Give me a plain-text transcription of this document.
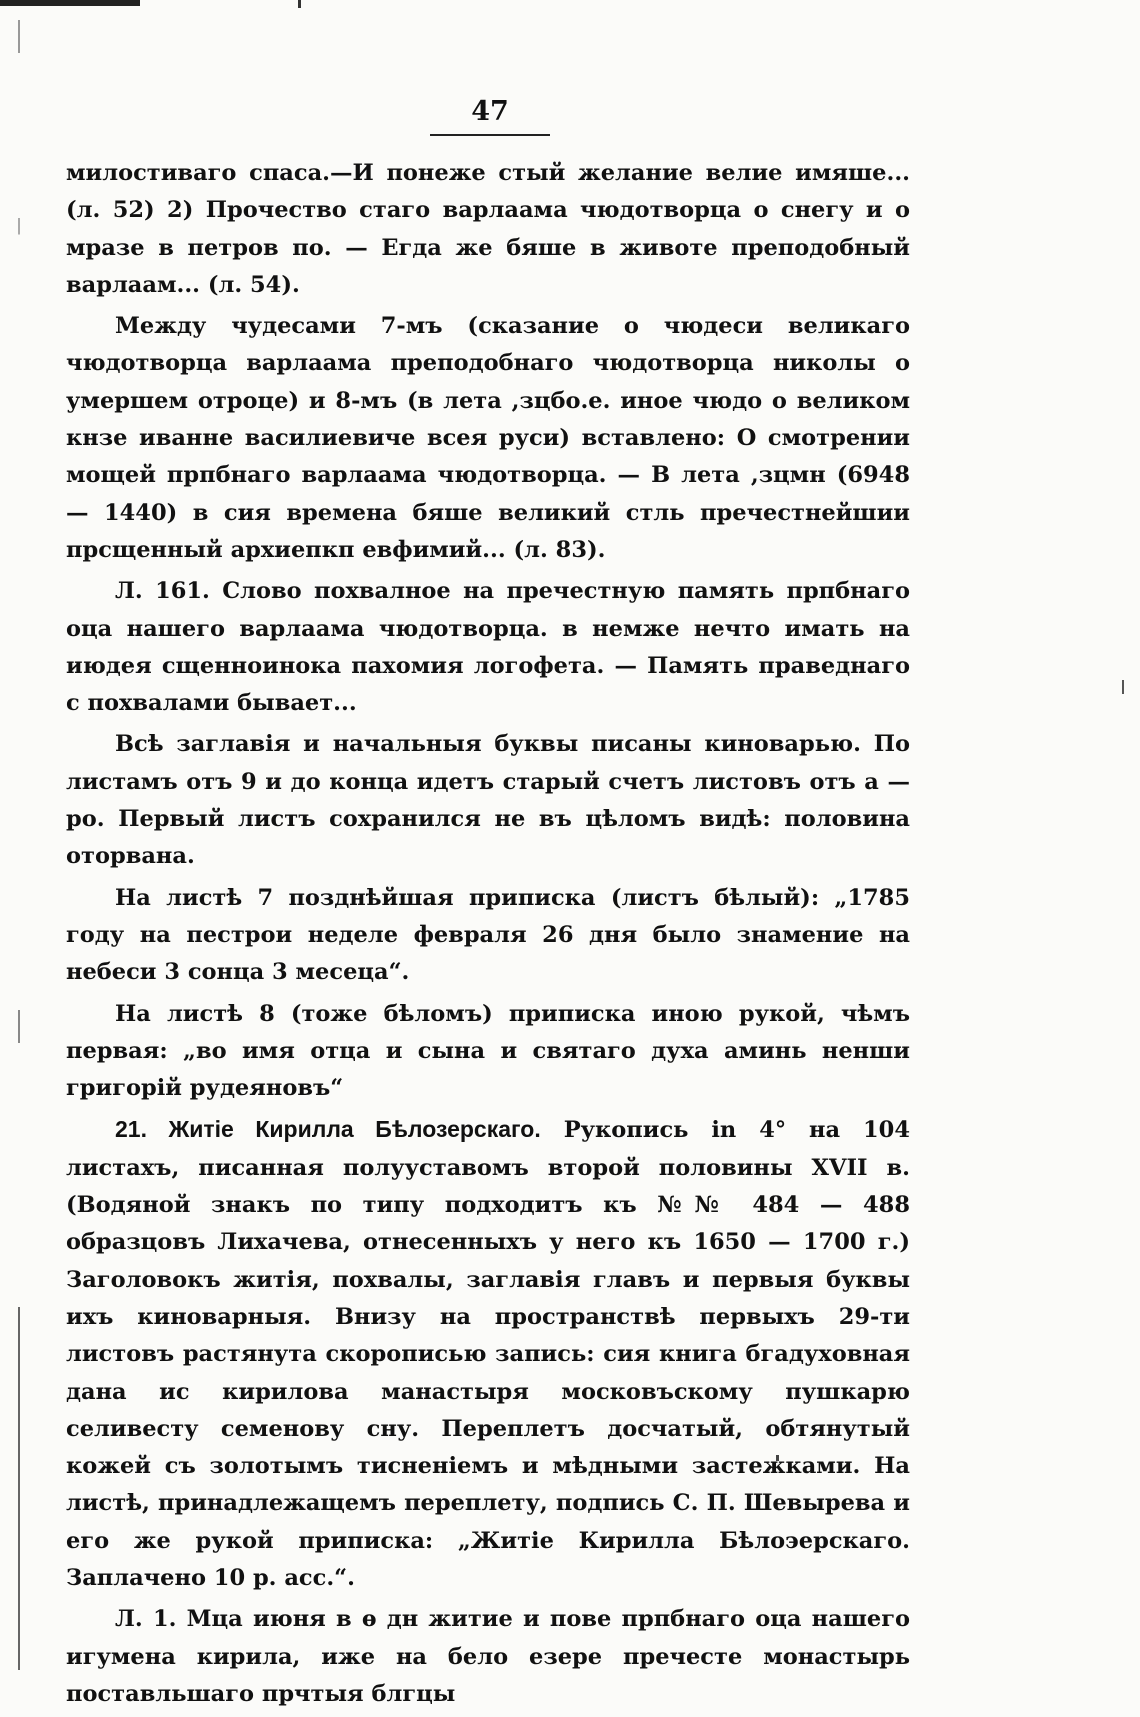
47

милостиваго спаса.—И понеже стый желание велие имяше... (л. 52) 2) Прочество стаго варлаама чюдотворца о снегу и о мразе в петров по. — Егда же бяше в животе преподобный варлаам... (л. 54).

Между чудесами 7-мъ (сказание о чюдеси великаго чюдотворца варлаама преподобнаго чюдотворца николы о умершем отроце) и 8-мъ (в лета ,зцбо.е. иное чюдо о великом кнзе иванне василиевиче всея руси) вставлено: О смотрении мощей прпбнаго варлаама чюдотворца. — В лета ,зцмн (6948 — 1440) в сия времена бяше великий стль пречестнейшии прсщенный архиепкп евфимий... (л. 83).

Л. 161. Слово похвалное на пречестную память прпбнаго оца нашего варлаама чюдотворца. в немже нечто имать на июдея сщенноинока пахомия логофета. — Память праведнаго с похвалами бывает...

Всѣ заглавія и начальныя буквы писаны киноварью. По листамъ отъ 9 и до конца идетъ старый счетъ листовъ отъ а — ро. Первый листъ сохранился не въ цѣломъ видѣ: половина оторвана.

На листѣ 7 позднѣйшая приписка (листъ бѣлый): „1785 году на пестрои неделе февраля 26 дня было знамение на небеси 3 сонца 3 месеца“.

На листѣ 8 (тоже бѣломъ) приписка иною рукой, чѣмъ первая: „во имя отца и сына и святаго духа аминь ненши григорій рудеяновъ“

21. Житіе Кирилла Бѣлозерскаго. Рукопись in 4° на 104 листахъ, писанная полууставомъ второй половины XVII в. (Водяной знакъ по типу подходитъ къ №№ 484 — 488 образцовъ Лихачева, отнесенныхъ у него къ 1650 — 1700 г.) Заголовокъ житія, похвалы, заглавія главъ и первыя буквы ихъ киноварныя. Внизу на пространствѣ первыхъ 29-ти листовъ растянута скорописью запись: сия книга бгадуховная дана ис кирилова манастыря московъскому пушкарю селивесту семенову сну. Переплетъ досчатый, обтянутый кожей съ золотымъ тисненіемъ и мѣдными застежками. На листѣ, принадлежащемъ переплету, подпись С. П. Шевырева и его же рукой приписка: „Житіе Кирилла Бѣлоэерскаго. Заплачено 10 р. асс.“.

Л. 1. Мца июня в ѳ дн житие и пове прпбнаго оца нашего игумена кирила, иже на бело езере пречесте монастырь поставльшаго прчтыя блгцы
